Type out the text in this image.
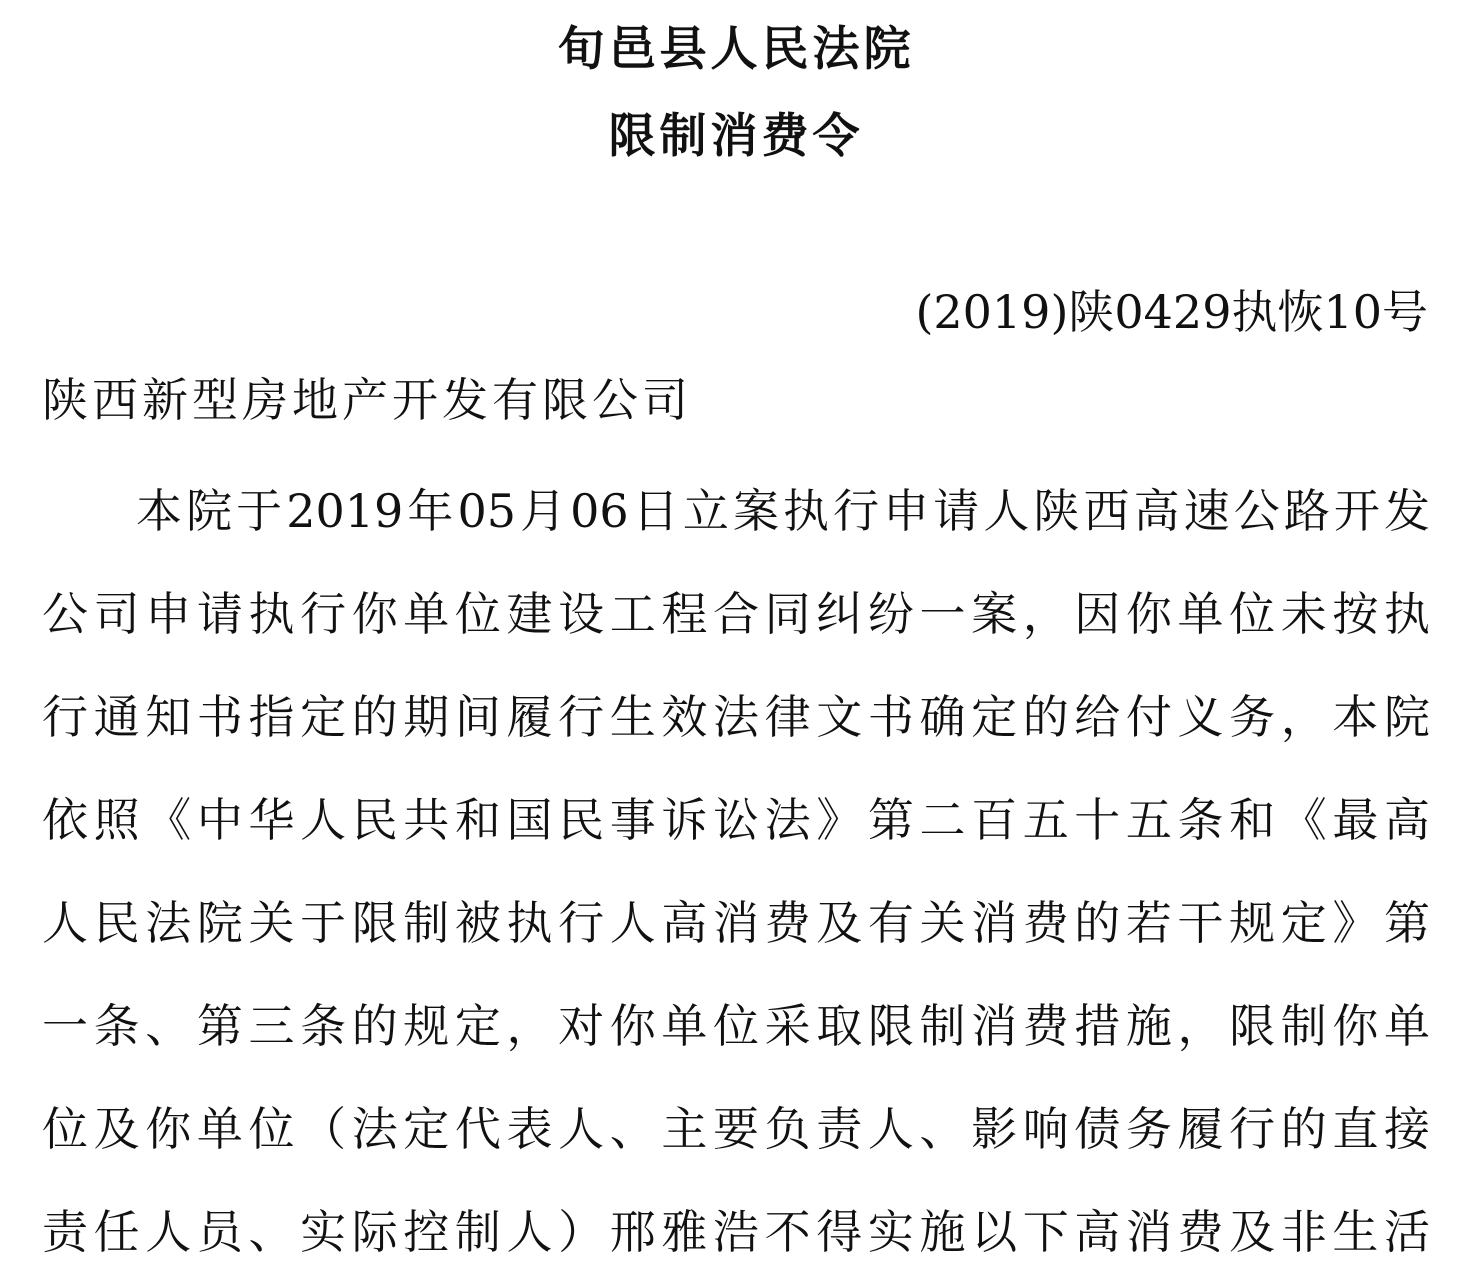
旬邑县人民法院
限制消费令
(2019)陕0429执恢10号
陕西新型房地产开发有限公司
本院于2019年05月06日立案执行申请人陕西高速公路开发
公司申请执行你单位建设工程合同纠纷一案，因你单位未按执
行通知书指定的期间履行生效法律文书确定的给付义务，本院
依照《中华人民共和国民事诉讼法》第二百五十五条和《最高
人民法院关于限制被执行人高消费及有关消费的若干规定》第
一条、第三条的规定，对你单位采取限制消费措施，限制你单
位及你单位（法定代表人、主要负责人、影响债务履行的直接
责任人员、实际控制人）邢雅浩不得实施以下高消费及非生活
